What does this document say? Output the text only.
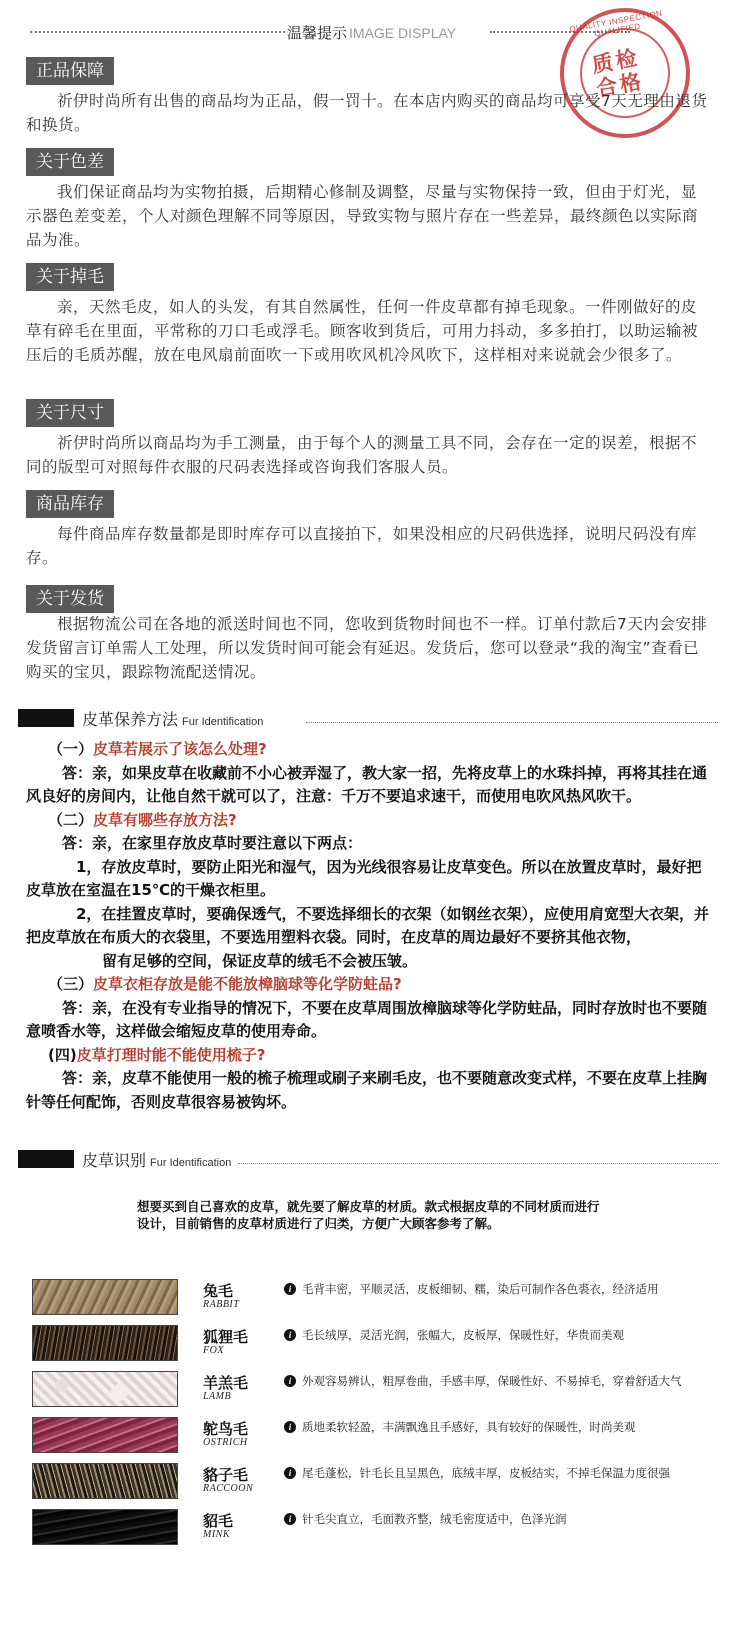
温馨提示 IMAGE DISPLAY	QUALITY INSPECTION QUALIFIED
质检
合格
正品保障
祈伊时尚所有出售的商品均为正品，假一罚十。在本店内购买的商品均可享受7天无理由退货和换货。
关于色差
我们保证商品均为实物拍摄，后期精心修制及调整，尽量与实物保持一致，但由于灯光，显示器色差变差，个人对颜色理解不同等原因，导致实物与照片存在一些差异，最终颜色以实际商品为准。
关于掉毛
亲，天然毛皮，如人的头发，有其自然属性，任何一件皮草都有掉毛现象。一件刚做好的皮草有碎毛在里面，平常称的刀口毛或浮毛。顾客收到货后，可用力抖动，多多拍打，以助运输被压后的毛质苏醒，放在电风扇前面吹一下或用吹风机冷风吹下，这样相对来说就会少很多了。
关于尺寸
祈伊时尚所以商品均为手工测量，由于每个人的测量工具不同，会存在一定的误差，根据不同的版型可对照每件衣服的尺码表选择或咨询我们客服人员。
商品库存
每件商品库存数量都是即时库存可以直接拍下，如果没相应的尺码供选择，说明尺码没有库存。
关于发货
根据物流公司在各地的派送时间也不同，您收到货物时间也不一样。订单付款后7天内会安排发货留言订单需人工处理，所以发货时间可能会有延迟。发货后，您可以登录“我的淘宝”查看已购买的宝贝，跟踪物流配送情况。
皮革保养方法 Fur Identification
（一）皮草若展示了该怎么处理?
答：亲，如果皮草在收藏前不小心被弄湿了，教大家一招，先将皮草上的水珠抖掉，再将其挂在通风良好的房间内，让他自然干就可以了，注意：千万不要追求速干，而使用电吹风热风吹干。
（二）皮草有哪些存放方法?
答：亲，在家里存放皮草时要注意以下两点：
1，存放皮草时，要防止阳光和湿气，因为光线很容易让皮草变色。所以在放置皮草时，最好把皮草放在室温在15℃的干燥衣柜里。
2，在挂置皮草时，要确保透气，不要选择细长的衣架（如钢丝衣架），应使用肩宽型大衣架，并把皮草放在布质大的衣袋里，不要选用塑料衣袋。同时，在皮草的周边最好不要挤其他衣物，
留有足够的空间，保证皮草的绒毛不会被压皱。
（三）皮草衣柜存放是能不能放樟脑球等化学防蛀品?
答：亲，在没有专业指导的情况下，不要在皮草周围放樟脑球等化学防蛀品，同时存放时也不要随意喷香水等，这样做会缩短皮草的使用寿命。
(四)皮草打理时能不能使用梳子?
答：亲，皮草不能使用一般的梳子梳理或刷子来刷毛皮，也不要随意改变式样，不要在皮草上挂胸针等任何配饰，否则皮草很容易被钩坏。
皮草识别 Fur Identification
想要买到自己喜欢的皮草，就先要了解皮草的材质。款式根据皮草的不同材质而进行设计，目前销售的皮草材质进行了归类，方便广大顾客参考了解。
兔毛
RABBIT
i 毛背丰密，平顺灵活，皮板细韧、糯，染后可制作各色裘衣，经济适用
狐狸毛
FOX
i 毛长绒厚，灵活光润，张幅大，皮板厚，保暖性好，华贵而美观
羊羔毛
LAMB
i 外观容易辨认，粗厚卷曲，手感丰厚，保暖性好、不易掉毛，穿着舒适大气
鸵鸟毛
OSTRICH
i 质地柔软轻盈，丰满飘逸且手感好，具有较好的保暖性，时尚美观
貉子毛
RACCOON
i 尾毛蓬松，针毛长且呈黑色，底绒丰厚，皮板结实，不掉毛保温力度很强
貂毛
MINK
i 针毛尖直立，毛面教齐整，绒毛密度适中，色泽光润
